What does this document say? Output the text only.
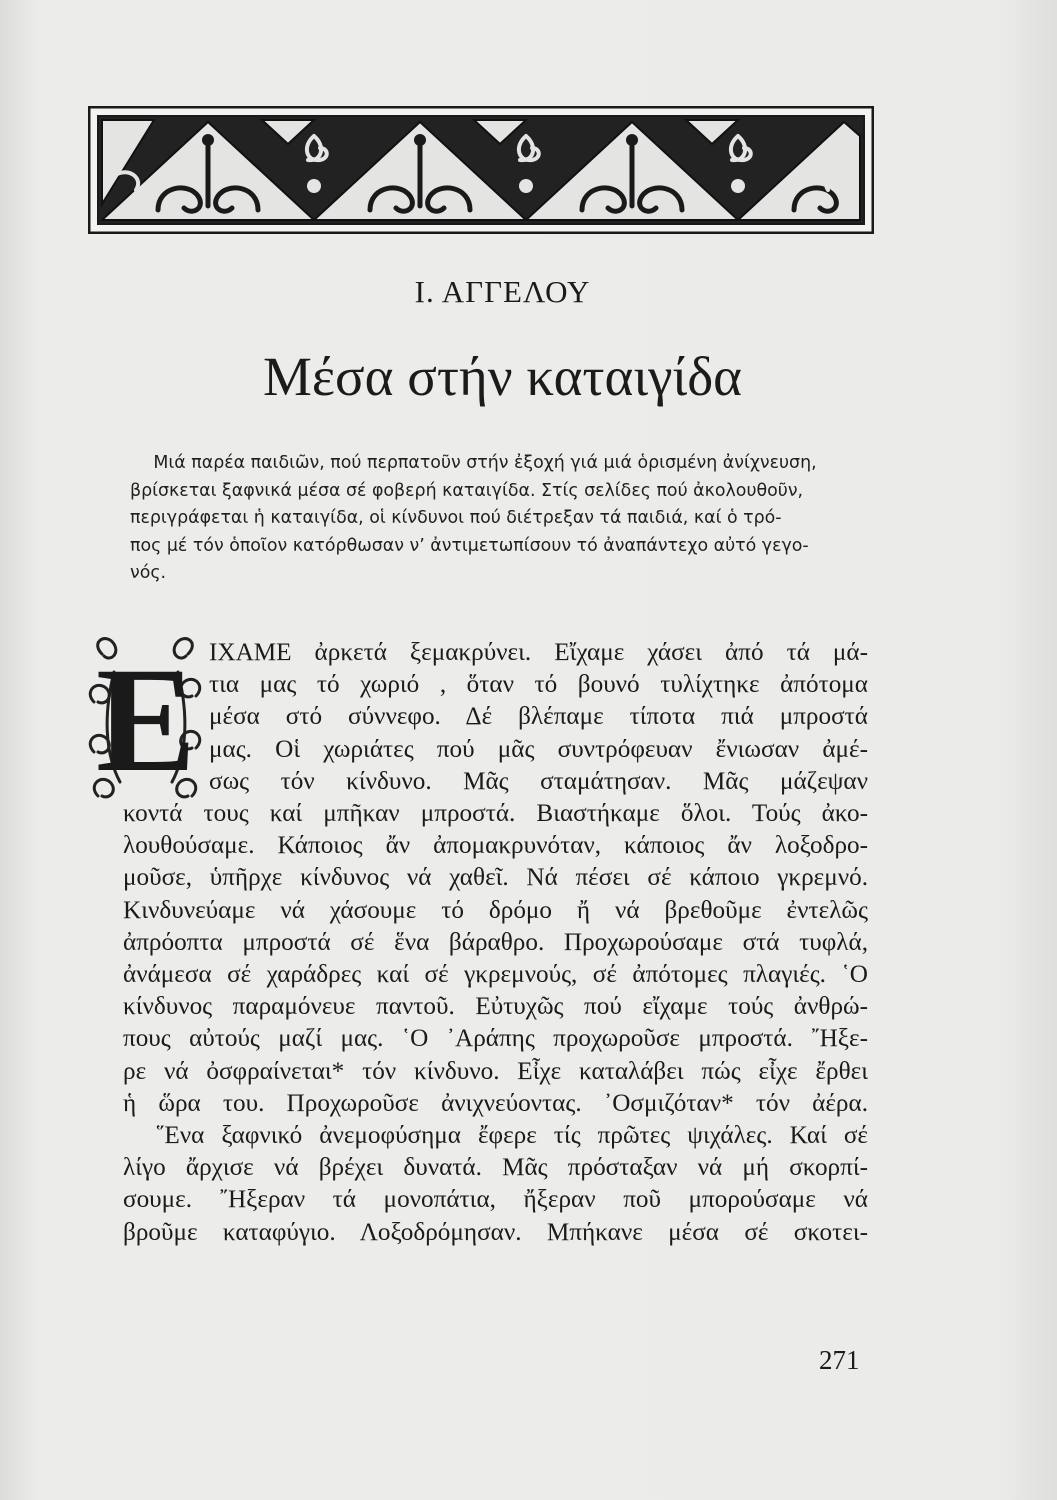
Ι. ΑΓΓΕΛΟΥ
Μέσα στήν καταιγίδα
Μιά παρέα παιδιῶν, πού περπατοῦν στήν ἐξοχή γιά μιά ὁρισμένη ἀνίχνευση,
βρίσκεται ξαφνικά μέσα σέ φοβερή καταιγίδα. Στίς σελίδες πού ἀκολουθοῦν,
περιγράφεται ἡ καταιγίδα, οἱ κίνδυνοι πού διέτρεξαν τά παιδιά, καί ὁ τρό-
πος μέ τόν ὁποῖον κατόρθωσαν ν’ ἀντιμετωπίσουν τό ἀναπάντεχο αὐτό γεγο-
νός.
Ε ΙΧΑΜΕ ἀρκετά ξεμακρύνει. Εἴχαμε χάσει ἀπό τά μά-
τια μας τό χωριό , ὅταν τό βουνό τυλίχτηκε ἀπότομα
μέσα στό σύννεφο. Δέ βλέπαμε τίποτα πιά μπροστά
μας. Οἱ χωριάτες πού μᾶς συντρόφευαν ἔνιωσαν ἀμέ-
σως τόν κίνδυνο. Μᾶς σταμάτησαν. Μᾶς μάζεψαν
κοντά τους καί μπῆκαν μπροστά. Βιαστήκαμε ὅλοι. Τούς ἀκο-
λουθούσαμε. Κάποιος ἄν ἀπομακρυνόταν, κάποιος ἄν λοξοδρο-
μοῦσε, ὑπῆρχε κίνδυνος νά χαθεῖ. Νά πέσει σέ κάποιο γκρεμνό.
Κινδυνεύαμε νά χάσουμε τό δρόμο ἤ νά βρεθοῦμε ἐντελῶς
ἀπρόοπτα μπροστά σέ ἕνα βάραθρο. Προχωρούσαμε στά τυφλά,
ἀνάμεσα σέ χαράδρες καί σέ γκρεμνούς, σέ ἀπότομες πλαγιές. ῾Ο
κίνδυνος παραμόνευε παντοῦ. Εὐτυχῶς πού εἴχαμε τούς ἀνθρώ-
πους αὐτούς μαζί μας. ῾Ο ᾿Αράπης προχωροῦσε μπροστά. ῎Ηξε-
ρε νά ὀσφραίνεται* τόν κίνδυνο. Εἶχε καταλάβει πώς εἶχε ἔρθει
ἡ ὥρα του. Προχωροῦσε ἀνιχνεύοντας. ᾿Οσμιζόταν* τόν ἀέρα.
῞Ενα ξαφνικό ἀνεμοφύσημα ἔφερε τίς πρῶτες ψιχάλες. Καί σέ
λίγο ἄρχισε νά βρέχει δυνατά. Μᾶς πρόσταξαν νά μή σκορπί-
σουμε. ῎Ηξεραν τά μονοπάτια, ἤξεραν ποῦ μπορούσαμε νά
βροῦμε καταφύγιο. Λοξοδρόμησαν. Μπήκανε μέσα σέ σκοτει-
271
